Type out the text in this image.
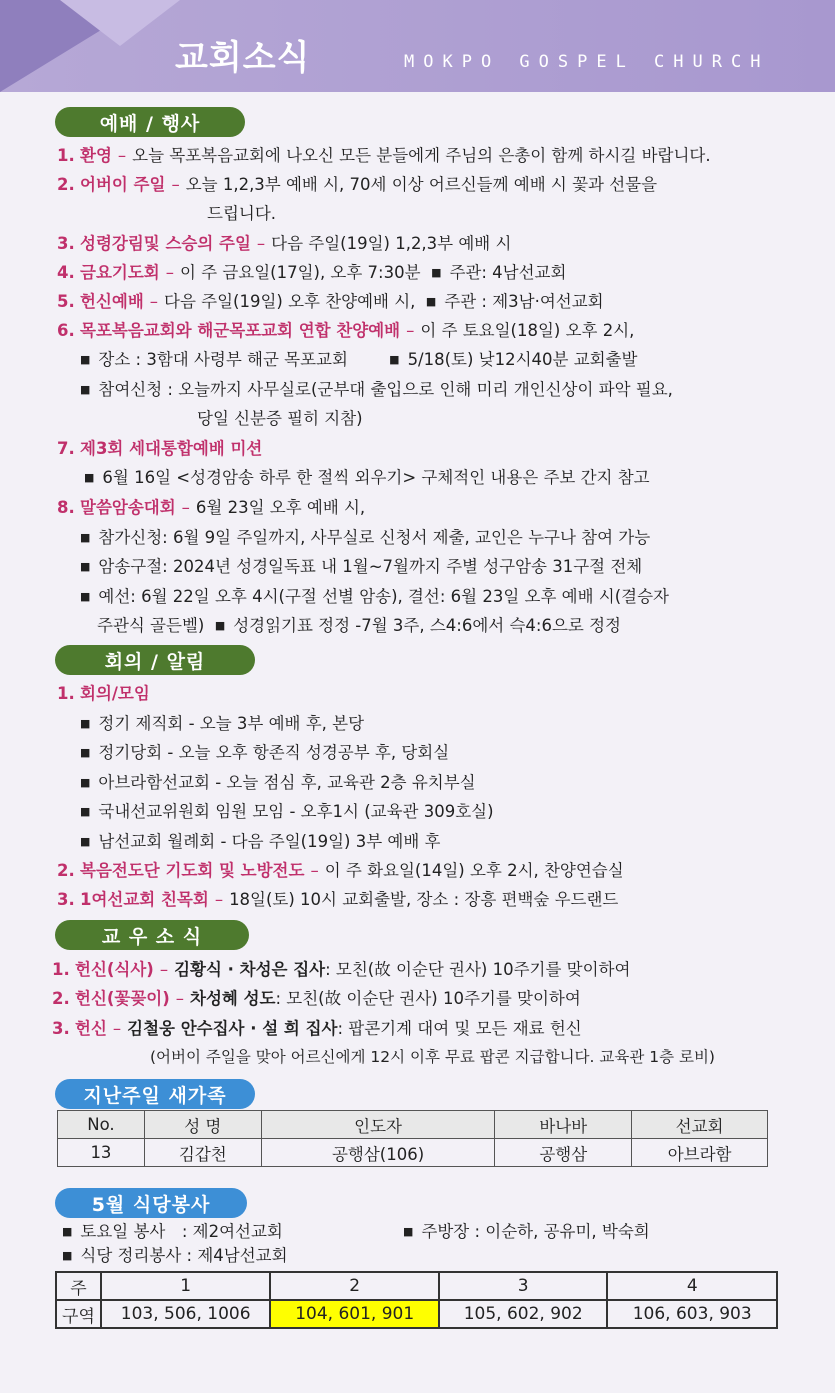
교회소식	MOKPO GOSPEL CHURCH
예배 / 행사
1. 환영 – 오늘 목포복음교회에 나오신 모든 분들에게 주님의 은총이 함께 하시길 바랍니다.
2. 어버이 주일 – 오늘 1,2,3부 예배 시, 70세 이상 어르신들께 예배 시 꽃과 선물을
드립니다.
3. 성령강림및 스승의 주일 – 다음 주일(19일) 1,2,3부 예배 시
4. 금요기도회 – 이 주 금요일(17일), 오후 7:30분 ■ 주관: 4남선교회
5. 헌신예배 – 다음 주일(19일) 오후 찬양예배 시, ■ 주관 : 제3남·여선교회
6. 목포복음교회와 해군목포교회 연합 찬양예배 – 이 주 토요일(18일) 오후 2시,
■ 장소 : 3함대 사령부 해군 목포교회	■ 5/18(토) 낮12시40분 교회출발
■ 참여신청 : 오늘까지 사무실로(군부대 출입으로 인해 미리 개인신상이 파악 필요,
당일 신분증 필히 지참)
7. 제3회 세대통합예배 미션
■ 6월 16일 <성경암송 하루 한 절씩 외우기> 구체적인 내용은 주보 간지 참고
8. 말씀암송대회 – 6월 23일 오후 예배 시,
■ 참가신청: 6월 9일 주일까지, 사무실로 신청서 제출, 교인은 누구나 참여 가능
■ 암송구절: 2024년 성경일독표 내 1월~7월까지 주별 성구암송 31구절 전체
■ 예선: 6월 22일 오후 4시(구절 선별 암송), 결선: 6월 23일 오후 예배 시(결승자
주관식 골든벨) ■ 성경읽기표 정정 -7월 3주, 스4:6에서 슥4:6으로 정정
회의 / 알림
1. 회의/모임
■ 정기 제직회 - 오늘 3부 예배 후, 본당
■ 정기당회 - 오늘 오후 항존직 성경공부 후, 당회실
■ 아브라함선교회 - 오늘 점심 후, 교육관 2층 유치부실
■ 국내선교위원회 임원 모임 - 오후1시 (교육관 309호실)
■ 남선교회 월례회 - 다음 주일(19일) 3부 예배 후
2. 복음전도단 기도회 및 노방전도 – 이 주 화요일(14일) 오후 2시, 찬양연습실
3. 1여선교회 친목회 – 18일(토) 10시 교회출발, 장소 : 장흥 편백숲 우드랜드
교 우 소 식
1. 헌신(식사) – 김황식 · 차성은 집사: 모친(故 이순단 권사) 10주기를 맞이하여
2. 헌신(꽃꽂이) – 차성혜 성도: 모친(故 이순단 권사) 10주기를 맞이하여
3. 헌신 – 김철웅 안수집사 · 설 희 집사: 팝콘기계 대여 및 모든 재료 헌신
(어버이 주일을 맞아 어르신에게 12시 이후 무료 팝콘 지급합니다. 교육관 1층 로비)
지난주일 새가족
No.	성 명	인도자	바나바	선교회
13	김갑천	공행삼(106)	공행삼	아브라함
5월 식당봉사
■ 토요일 봉사　: 제2여선교회	■ 주방장 : 이순하, 공유미, 박숙희
■ 식당 정리봉사 : 제4남선교회
주	1	2	3	4
구역	103, 506, 1006	104, 601, 901	105, 602, 902	106, 603, 903
